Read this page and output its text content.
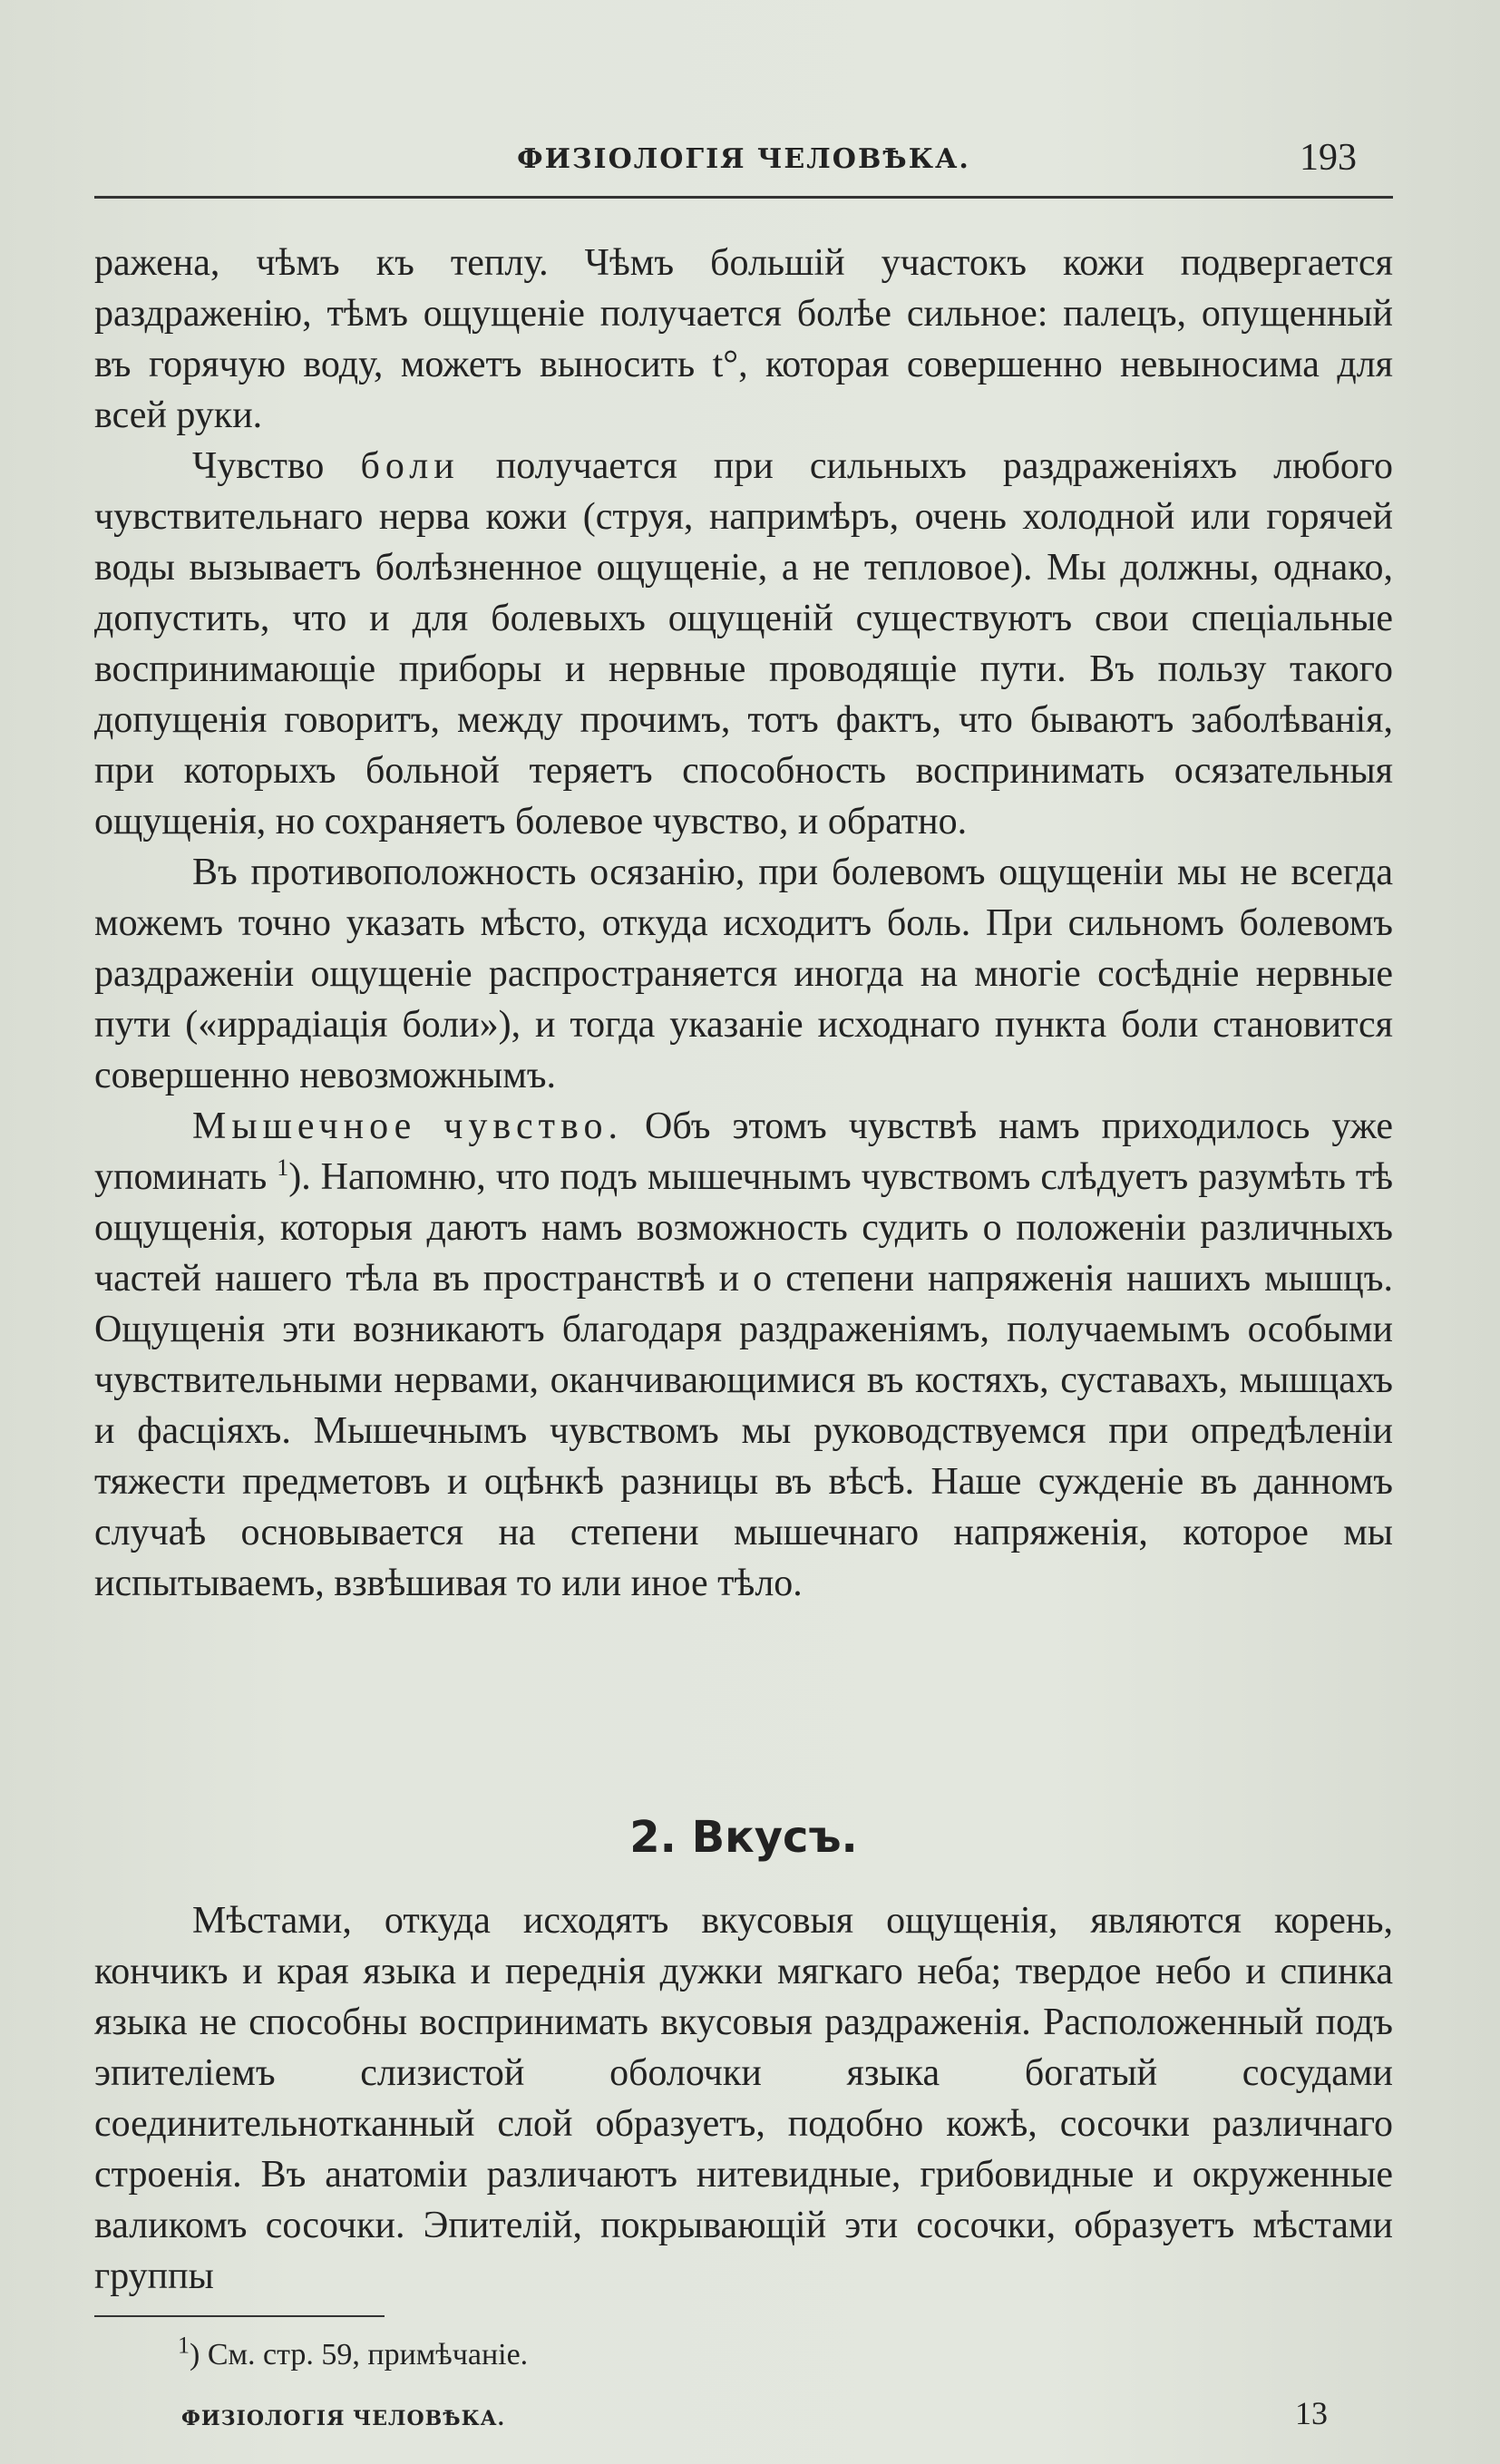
ФИЗІОЛОГІЯ ЧЕЛОВѢКА.	193

ражена, чѣмъ къ теплу. Чѣмъ большій участокъ кожи подвергается раздраженію, тѣмъ ощущеніе получается болѣе сильное: палецъ, опущенный въ горячую воду, можетъ выносить t°, которая совершенно невыносима для всей руки.

Чувство боли получается при сильныхъ раздраженіяхъ любого чувствительнаго нерва кожи (струя, напримѣръ, очень холодной или горячей воды вызываетъ болѣзненное ощущеніе, а не тепловое). Мы должны, однако, допустить, что и для болевыхъ ощущеній существуютъ свои спеціальные воспринимающіе приборы и нервные проводящіе пути. Въ пользу такого допущенія говоритъ, между прочимъ, тотъ фактъ, что бываютъ заболѣванія, при которыхъ больной теряетъ способность воспринимать осязательныя ощущенія, но сохраняетъ болевое чувство, и обратно.

Въ противоположность осязанію, при болевомъ ощущеніи мы не всегда можемъ точно указать мѣсто, откуда исходитъ боль. При сильномъ болевомъ раздраженіи ощущеніе распространяется иногда на многіе сосѣдніе нервные пути («иррадіація боли»), и тогда указаніе исходнаго пункта боли становится совершенно невозможнымъ.

Мышечное чувство. Объ этомъ чувствѣ намъ приходилось уже упоминать $^1$). Напомню, что подъ мышечнымъ чувствомъ слѣдуетъ разумѣть тѣ ощущенія, которыя даютъ намъ возможность судить о положеніи различныхъ частей нашего тѣла въ пространствѣ и о степени напряженія нашихъ мышцъ. Ощущенія эти возникаютъ благодаря раздраженіямъ, получаемымъ особыми чувствительными нервами, оканчивающимися въ костяхъ, суставахъ, мышцахъ и фасціяхъ. Мышечнымъ чувствомъ мы руководствуемся при опредѣленіи тяжести предметовъ и оцѣнкѣ разницы въ вѣсѣ. Наше сужденіе въ данномъ случаѣ основывается на степени мышечнаго напряженія, которое мы испытываемъ, взвѣшивая то или иное тѣло.

2. Вкусъ.

Мѣстами, откуда исходятъ вкусовыя ощущенія, являются корень, кончикъ и края языка и переднія дужки мягкаго неба; твердое небо и спинка языка не способны воспринимать вкусовыя раздраженія. Расположенный подъ эпителіемъ слизистой оболочки языка богатый сосудами соединительнотканный слой образуетъ, подобно кожѣ, сосочки различнаго строенія. Въ анатоміи различаютъ нитевидные, грибовидные и окруженные валикомъ сосочки. Эпителій, покрывающій эти сосочки, образуетъ мѣстами группы

$^1$) См. стр. 59, примѣчаніе.
ФИЗІОЛОГІЯ ЧЕЛОВѢКА.	13
